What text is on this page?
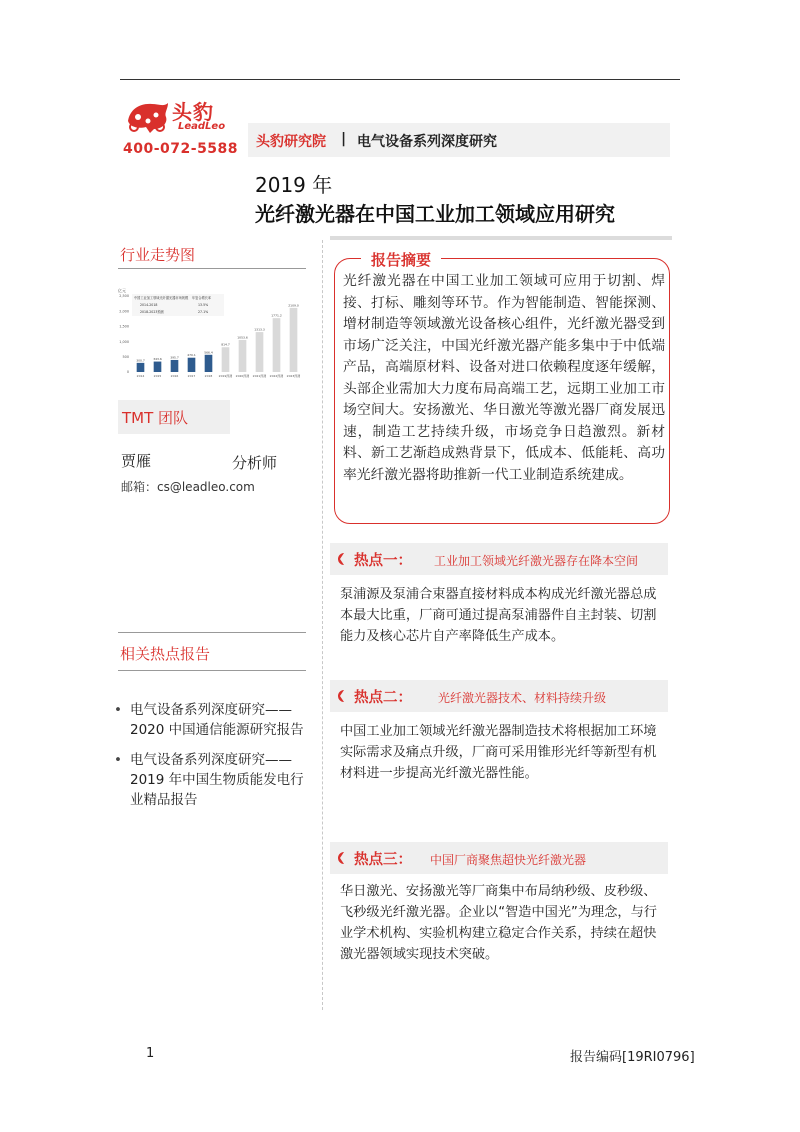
头豹
LeadLeo
400-072-5588 头豹研究院 | 电气设备系列深度研究
2019 年
光纤激光器在中国工业加工领域应用研究
行业走势图
亿元
0
500
1,000
1,500
2,000
2,500
300.7	343.6	395.7
470.1
566.4
814.7
1053.6
1313.3
1771.2
2109.0
2014	2015	2016	2017	2018 2019预测 2020预测 2021预测 2022预测 2023预测
中国工业加工领域光纤激光器市场规模 年复合增长率
2014-2018	13.5%
2018-2023预测	27.1%
TMT 团队
贾雁	分析师
邮箱：cs@leadleo.com
相关热点报告
• 电气设备系列深度研究——2020 中国通信能源研究报告
• 电气设备系列深度研究——2019 年中国生物质能发电行业精品报告
报告摘要
光纤激光器在中国工业加工领域可应用于切割、焊接、打标、雕刻等环节。作为智能制造、智能探测、增材制造等领域激光设备核心组件，光纤激光器受到市场广泛关注，中国光纤激光器产能多集中于中低端产品，高端原材料、设备对进口依赖程度逐年缓解，头部企业需加大力度布局高端工艺，远期工业加工市场空间大。安扬激光、华日激光等激光器厂商发展迅速，制造工艺持续升级，市场竞争日趋激烈。新材料、新工艺渐趋成熟背景下，低成本、低能耗、高功率光纤激光器将助推新一代工业制造系统建成。
热点一： 工业加工领域光纤激光器存在降本空间
泵浦源及泵浦合束器直接材料成本构成光纤激光器总成本最大比重，厂商可通过提高泵浦器件自主封装、切割能力及核心芯片自产率降低生产成本。
热点二： 光纤激光器技术、材料持续升级
中国工业加工领域光纤激光器制造技术将根据加工环境实际需求及痛点升级，厂商可采用锥形光纤等新型有机材料进一步提高光纤激光器性能。
热点三： 中国厂商聚焦超快光纤激光器
华日激光、安扬激光等厂商集中布局纳秒级、皮秒级、飞秒级光纤激光器。企业以“智造中国光”为理念，与行业学术机构、实验机构建立稳定合作关系，持续在超快激光器领域实现技术突破。
1	报告编码[19RI0796]
